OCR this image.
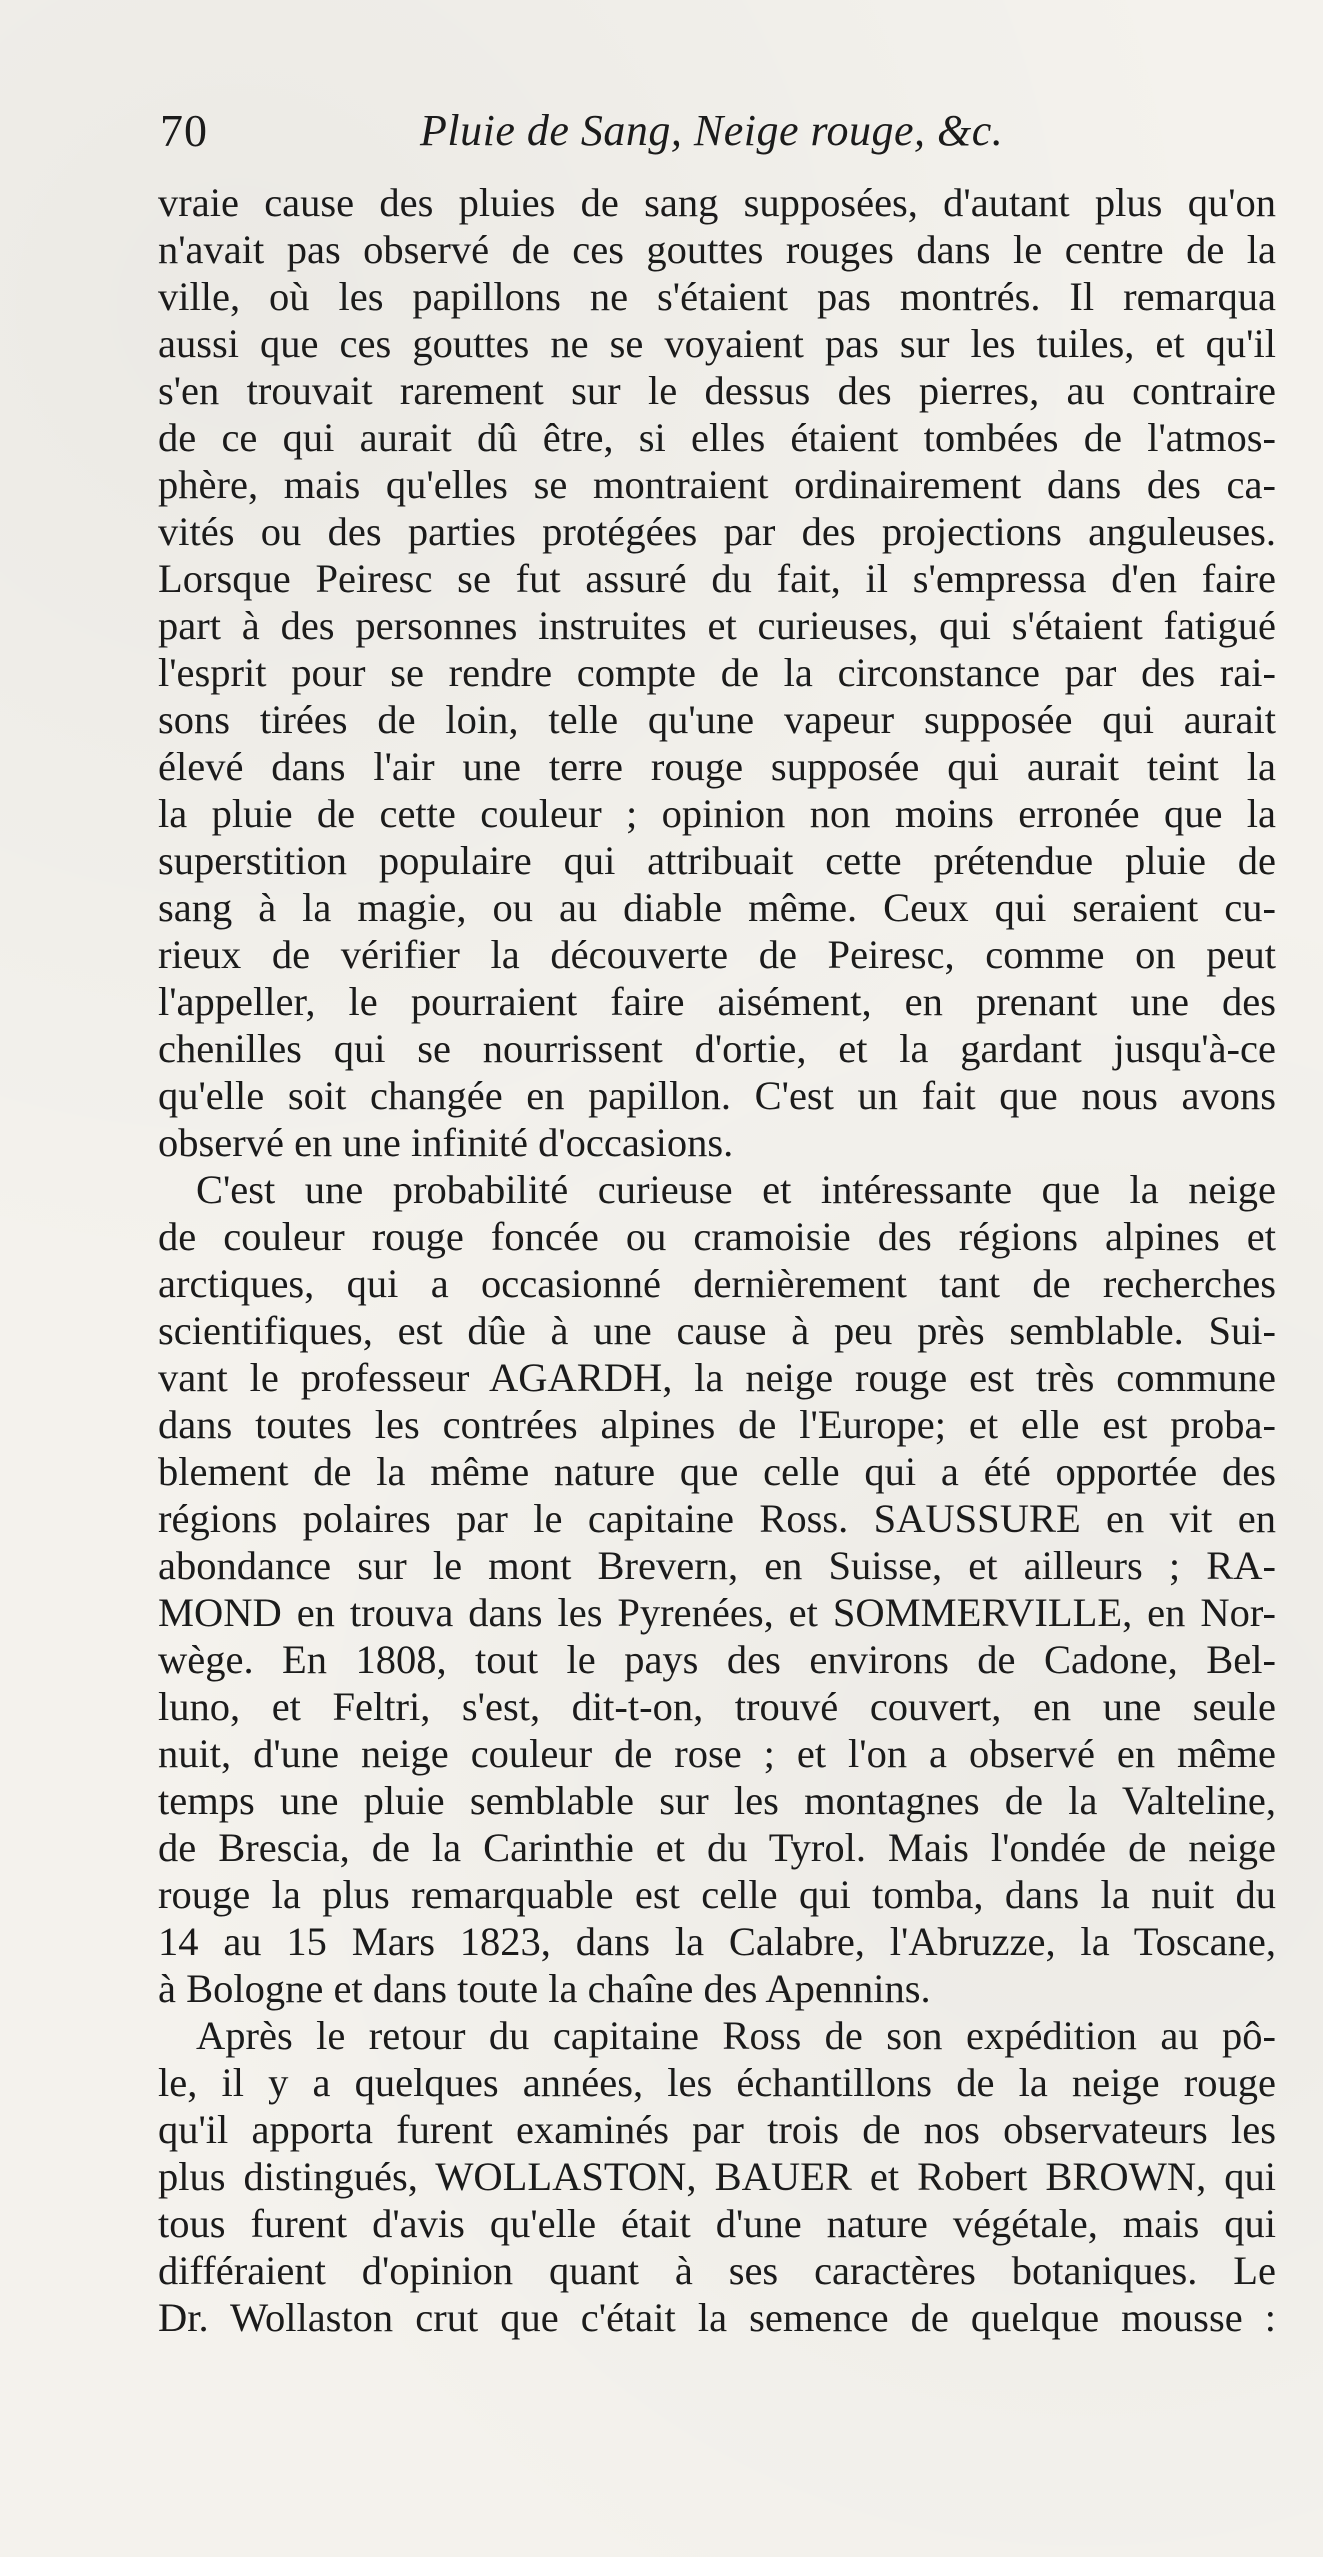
70	Pluie de Sang, Neige rouge, &c.
vraie cause des pluies de sang supposées, d'autant plus qu'on
n'avait pas observé de ces gouttes rouges dans le centre de la
ville, où les papillons ne s'étaient pas montrés. Il remarqua
aussi que ces gouttes ne se voyaient pas sur les tuiles, et qu'il
s'en trouvait rarement sur le dessus des pierres, au contraire
de ce qui aurait dû être, si elles étaient tombées de l'atmos-
phère, mais qu'elles se montraient ordinairement dans des ca-
vités ou des parties protégées par des projections anguleuses.
Lorsque Peiresc se fut assuré du fait, il s'empressa d'en faire
part à des personnes instruites et curieuses, qui s'étaient fatigué
l'esprit pour se rendre compte de la circonstance par des rai-
sons tirées de loin, telle qu'une vapeur supposée qui aurait
élevé dans l'air une terre rouge supposée qui aurait teint la
la pluie de cette couleur ; opinion non moins erronée que la
superstition populaire qui attribuait cette prétendue pluie de
sang à la magie, ou au diable même. Ceux qui seraient cu-
rieux de vérifier la découverte de Peiresc, comme on peut
l'appeller, le pourraient faire aisément, en prenant une des
chenilles qui se nourrissent d'ortie, et la gardant jusqu'à-ce
qu'elle soit changée en papillon. C'est un fait que nous avons
observé en une infinité d'occasions.
C'est une probabilité curieuse et intéressante que la neige
de couleur rouge foncée ou cramoisie des régions alpines et
arctiques, qui a occasionné dernièrement tant de recherches
scientifiques, est dûe à une cause à peu près semblable. Sui-
vant le professeur AGARDH, la neige rouge est très commune
dans toutes les contrées alpines de l'Europe; et elle est proba-
blement de la même nature que celle qui a été opportée des
régions polaires par le capitaine Ross. SAUSSURE en vit en
abondance sur le mont Brevern, en Suisse, et ailleurs ; RA-
MOND en trouva dans les Pyrenées, et SOMMERVILLE, en Nor-
wège. En 1808, tout le pays des environs de Cadone, Bel-
luno, et Feltri, s'est, dit-t-on, trouvé couvert, en une seule
nuit, d'une neige couleur de rose ; et l'on a observé en même
temps une pluie semblable sur les montagnes de la Valteline,
de Brescia, de la Carinthie et du Tyrol. Mais l'ondée de neige
rouge la plus remarquable est celle qui tomba, dans la nuit du
14 au 15 Mars 1823, dans la Calabre, l'Abruzze, la Toscane,
à Bologne et dans toute la chaîne des Apennins.
Après le retour du capitaine Ross de son expédition au pô-
le, il y a quelques années, les échantillons de la neige rouge
qu'il apporta furent examinés par trois de nos observateurs les
plus distingués, WOLLASTON, BAUER et Robert BROWN, qui
tous furent d'avis qu'elle était d'une nature végétale, mais qui
différaient d'opinion quant à ses caractères botaniques. Le
Dr. Wollaston crut que c'était la semence de quelque mousse :
